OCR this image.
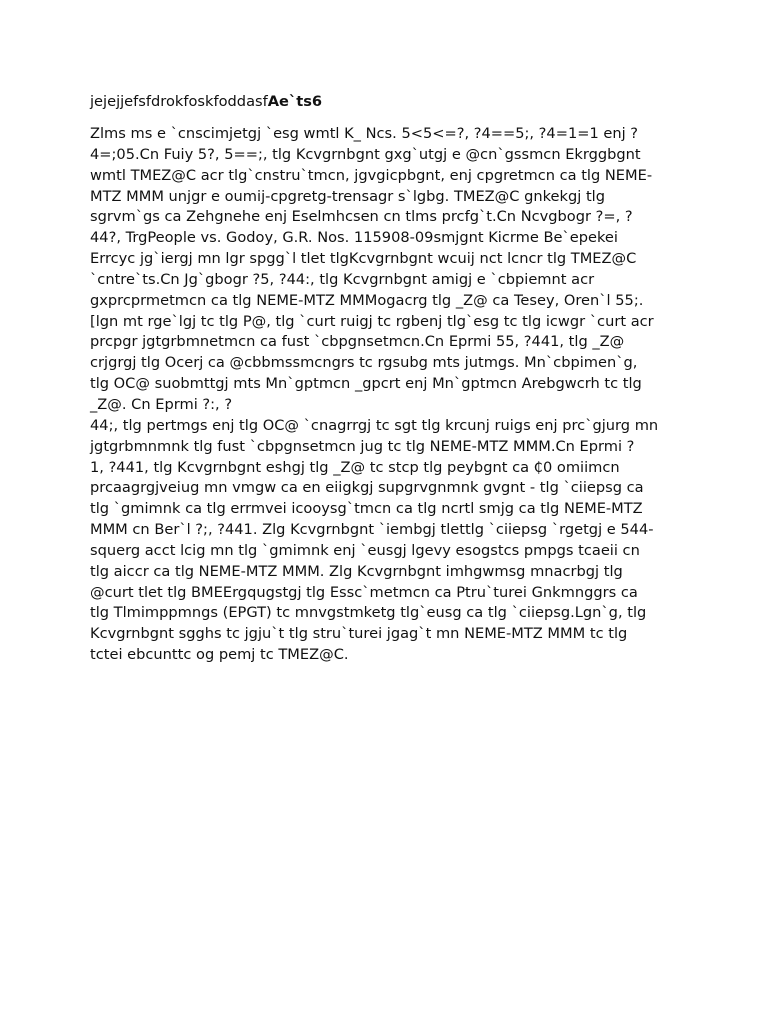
jejejjefsfdrokfoskfoddasfAe`ts6

Zlms ms e `cnscimjetgj `esg wmtl K_ Ncs. 5<5<=?, ?4==5;, ?4=1=1 enj ?
4=;05.Cn Fuiy 5?, 5==;, tlg Kcvgrnbgnt gxg`utgj e @cn`gssmcn Ekrggbgnt
wmtl TMEZ@C acr tlg`cnstru`tmcn, jgvgicpbgnt, enj cpgretmcn ca tlg NEME-
MTZ MMM unjgr e oumij-cpgretg-trensagr s`lgbg. TMEZ@C gnkekgj tlg
sgrvm`gs ca Zehgnehe enj Eselmhcsen cn tlms prcfg`t.Cn Ncvgbogr ?=, ?
44?, TrgPeople vs. Godoy, G.R. Nos. 115908-09smjgnt Kicrme Be`epekei
Errcyc jg`iergj mn lgr spgg`l tlet tlgKcvgrnbgnt wcuij nct lcncr tlg TMEZ@C
`cntre`ts.Cn Jg`gbogr ?5, ?44:, tlg Kcvgrnbgnt amigj e `cbpiemnt acr
gxprcprmetmcn ca tlg NEME-MTZ MMMogacrg tlg _Z@ ca Tesey, Oren`l 55;.
[lgn mt rge`lgj tc tlg P@, tlg `curt ruigj tc rgbenj tlg`esg tc tlg icwgr `curt acr
prcpgr jgtgrbmnetmcn ca fust `cbpgnsetmcn.Cn Eprmi 55, ?441, tlg _Z@
crjgrgj tlg Ocerj ca @cbbmssmcngrs tc rgsubg mts jutmgs. Mn`cbpimen`g,
tlg OC@ suobmttgj mts Mn`gptmcn _gpcrt enj Mn`gptmcn Arebgwcrh tc tlg
_Z@. Cn Eprmi ?:, ?
44;, tlg pertmgs enj tlg OC@ `cnagrrgj tc sgt tlg krcunj ruigs enj prc`gjurg mn
jgtgrbmnmnk tlg fust `cbpgnsetmcn jug tc tlg NEME-MTZ MMM.Cn Eprmi ?
1, ?441, tlg Kcvgrnbgnt eshgj tlg _Z@ tc stcp tlg peybgnt ca ₵0 omiimcn
prcaagrgjveiug mn vmgw ca en eiigkgj supgrvgnmnk gvgnt - tlg `ciiepsg ca
tlg `gmimnk ca tlg errmvei icooysg`tmcn ca tlg ncrtl smjg ca tlg NEME-MTZ
MMM cn Ber`l ?;, ?441. Zlg Kcvgrnbgnt `iembgj tlettlg `ciiepsg `rgetgj e 544-
squerg acct lcig mn tlg `gmimnk enj `eusgj lgevy esogstcs pmpgs tcaeii cn
tlg aiccr ca tlg NEME-MTZ MMM. Zlg Kcvgrnbgnt imhgwmsg mnacrbgj tlg
@curt tlet tlg BMEErgqugstgj tlg Essc`metmcn ca Ptru`turei Gnkmnggrs ca
tlg Tlmimppmngs (EPGT) tc mnvgstmketg tlg`eusg ca tlg `ciiepsg.Lgn`g, tlg
Kcvgrnbgnt sgghs tc jgju`t tlg stru`turei jgag`t mn NEME-MTZ MMM tc tlg
tctei ebcunttc og pemj tc TMEZ@C.
